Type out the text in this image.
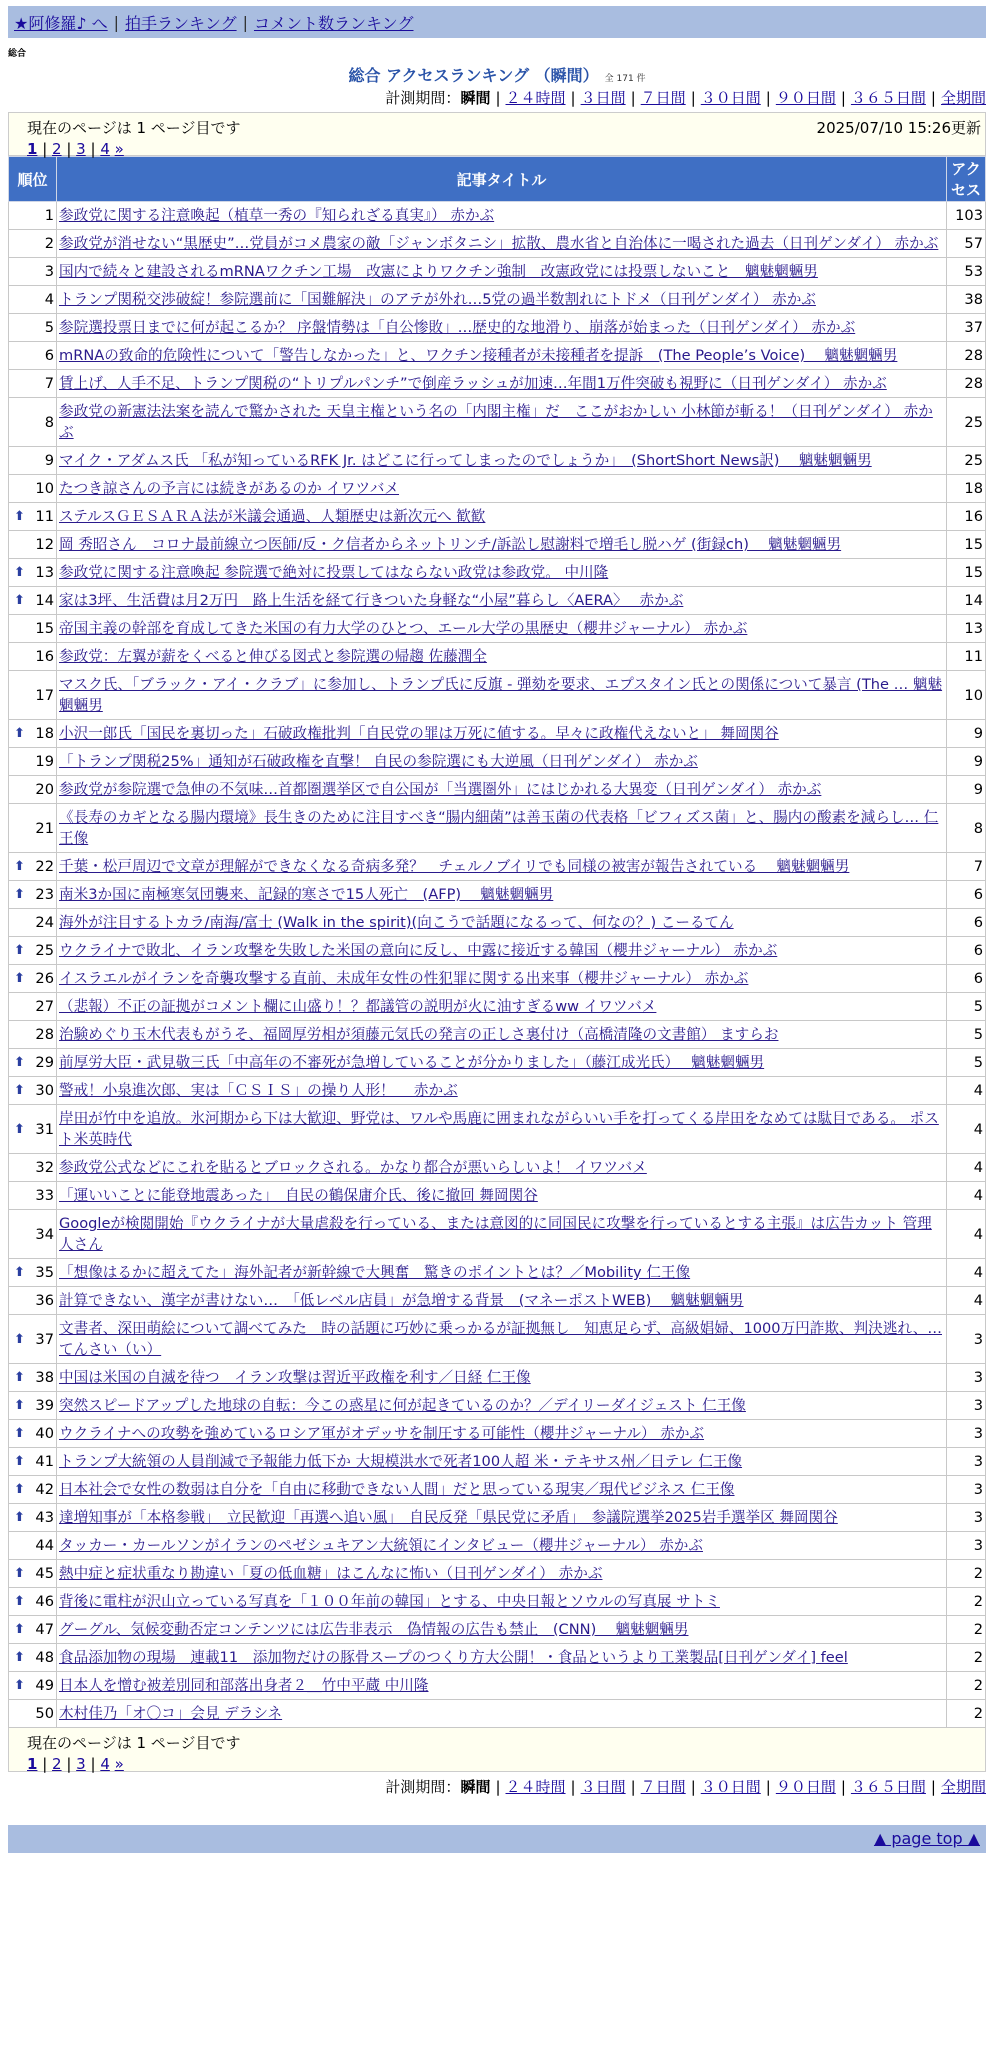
★阿修羅♪ へ | 拍手ランキング | コメント数ランキング
総合
総合 アクセスランキング （瞬間） 全 171 件
計測期間：瞬間 | ２４時間 | ３日間 | ７日間 | ３０日間 | ９０日間 | ３６５日間 | 全期間
現在のページは 1 ページ目です	2025/07/10 15:26更新
1 | 2 | 3 | 4 »
順位	記事タイトル	アクセス
1	参政党に関する注意喚起（植草一秀の『知られざる真実』） 赤かぶ	103
2	参政党が消せない“黒歴史”…党員がコメ農家の敵「ジャンボタニシ」拡散、農水省と自治体に一喝された過去（日刊ゲンダイ） 赤かぶ	57
3	国内で続々と建設されるmRNAワクチン工場　改憲によりワクチン強制　改憲政党には投票しないこと　魑魅魍魎男	53
4	トランプ関税交渉破綻！参院選前に「国難解決」のアテが外れ…5党の過半数割れにトドメ（日刊ゲンダイ） 赤かぶ	38
5	参院選投票日までに何が起こるか？ 序盤情勢は「自公惨敗」…歴史的な地滑り、崩落が始まった（日刊ゲンダイ） 赤かぶ	37
6	mRNAの致命的危険性について「警告しなかった」と、ワクチン接種者が未接種者を提訴　(The People’s Voice)　 魑魅魍魎男	28
7	賃上げ、人手不足、トランプ関税の“トリプルパンチ”で倒産ラッシュが加速…年間1万件突破も視野に（日刊ゲンダイ） 赤かぶ	28
8	参政党の新憲法法案を読んで驚かされた 天皇主権という名の「内閣主権」だ　ここがおかしい 小林節が斬る！（日刊ゲンダイ） 赤かぶ	25
9	マイク・アダムス氏 「私が知っているRFK Jr. はどこに行ってしまったのでしょうか」　(ShortShort News訳)　 魑魅魍魎男	25
10	たつき諒さんの予言には続きがあるのか イワツバメ	18

⬆ 11	ステルスＧＥＳＡＲＡ法が米議会通過、人類歴史は新次元へ 歓歓	16
12	岡 秀昭さん　コロナ最前線立つ医師/反・ク信者からネットリンチ/訴訟し慰謝料で増毛し脱ハゲ (街録ch)　 魑魅魍魎男	15

⬆ 13	参政党に関する注意喚起 参院選で絶対に投票してはならない政党は参政党。 中川隆	15

⬆ 14	家は3坪、生活費は月2万円　路上生活を経て行きついた身軽な“小屋”暮らし〈AERA〉　 赤かぶ	14
15	帝国主義の幹部を育成してきた米国の有力大学のひとつ、エール大学の黒歴史（櫻井ジャーナル） 赤かぶ	13
16	参政党：左翼が薪をくべると伸びる図式と参院選の帰趨 佐藤潤全	11
17	マスク氏、「ブラック・アイ・クラブ」に参加し、トランプ氏に反旗 - 弾劾を要求、エプスタイン氏との関係について暴言 (The … 魑魅魍魎男	10

⬆ 18	小沢一郎氏「国民を裏切った」石破政権批判「自民党の罪は万死に値する。早々に政権代えないと」 舞岡関谷	9
19	「トランプ関税25%」通知が石破政権を直撃！ 自民の参院選にも大逆風（日刊ゲンダイ） 赤かぶ	9
20	参政党が参院選で急伸の不気味…首都圏選挙区で自公国が「当選圏外」にはじかれる大異変（日刊ゲンダイ） 赤かぶ	9
21	《長寿のカギとなる腸内環境》長生きのために注目すべき“腸内細菌”は善玉菌の代表格「ビフィズス菌」と、腸内の酸素を減らし… 仁王像	8

⬆ 22	千葉・松戸周辺で文章が理解ができなくなる奇病多発？　チェルノブイリでも同様の被害が報告されている　 魑魅魍魎男	7

⬆ 23	南米3か国に南極寒気団襲来、記録的寒さで15人死亡　(AFP)　 魑魅魍魎男	6
24	海外が注目するトカラ/南海/富士 (Walk in the spirit)(向こうで話題になるって、何なの？) こーるてん	6

⬆ 25	ウクライナで敗北、イラン攻撃を失敗した米国の意向に反し、中露に接近する韓国（櫻井ジャーナル） 赤かぶ	6

⬆ 26	イスラエルがイランを奇襲攻撃する直前、未成年女性の性犯罪に関する出来事（櫻井ジャーナル） 赤かぶ	6
27	（悲報）不正の証拠がコメント欄に山盛り！？都議管の説明が火に油すぎるww イワツバメ	5
28	治験めぐり玉木代表もがうそ、福岡厚労相が須藤元気氏の発言の正しさ裏付け（高橋清隆の文書館） ますらお	5

⬆ 29	前厚労大臣・武見敬三氏「中高年の不審死が急増していることが分かりました」（藤江成光氏）　 魑魅魍魎男	5

⬆ 30	警戒！小泉進次郎、実は「ＣＳＩＳ」の操り人形！　 赤かぶ	4

⬆ 31	岸田が竹中を追放。氷河期から下は大歓迎、野党は、ワルや馬鹿に囲まれながらいい手を打ってくる岸田をなめては駄目である。 ポスト米英時代	4
32	参政党公式などにこれを貼るとブロックされる。かなり都合が悪いらしいよ！ イワツバメ	4
33	「運いいことに能登地震あった」　自民の鶴保庸介氏、後に撤回 舞岡関谷	4
34	Googleが検閲開始『ウクライナが大量虐殺を行っている、または意図的に同国民に攻撃を行っているとする主張』は広告カット 管理人さん	4

⬆ 35	「想像はるかに超えてた」海外記者が新幹線で大興奮　驚きのポイントとは？／Mobility 仁王像	4
36	計算できない、漢字が書けない…　「低レベル店員」が急増する背景　(マネーポストWEB)　 魑魅魍魎男	4

⬆ 37	文書者、深田萌絵について調べてみた　時の話題に巧妙に乗っかるが証拠無し　知恵足らず、高級娼婦、1000万円詐欺、判決逃れ、… てんさい（い）	3

⬆ 38	中国は米国の自滅を待つ　イラン攻撃は習近平政権を利す／日経 仁王像	3

⬆ 39	突然スピードアップした地球の自転：今この惑星に何が起きているのか？／デイリーダイジェスト 仁王像	3

⬆ 40	ウクライナへの攻勢を強めているロシア軍がオデッサを制圧する可能性（櫻井ジャーナル） 赤かぶ	3

⬆ 41	トランプ大統領の人員削減で予報能力低下か 大規模洪水で死者100人超 米・テキサス州／日テレ 仁王像	3

⬆ 42	日本社会で女性の数弱は自分を「自由に移動できない人間」だと思っている現実／現代ビジネス 仁王像	3

⬆ 43	達増知事が「本格参戦」　立民歓迎「再選へ追い風」　自民反発「県民党に矛盾」　参議院選挙2025岩手選挙区 舞岡関谷	3
44	タッカー・カールソンがイランのペゼシュキアン大統領にインタビュー（櫻井ジャーナル） 赤かぶ	3

⬆ 45	熱中症と症状重なり勘違い「夏の低血糖」はこんなに怖い（日刊ゲンダイ） 赤かぶ	2

⬆ 46	背後に電柱が沢山立っている写真を「１００年前の韓国」とする、中央日報とソウルの写真展 サトミ	2

⬆ 47	グーグル、気候変動否定コンテンツには広告非表示　偽情報の広告も禁止　(CNN)　 魑魅魍魎男	2

⬆ 48	食品添加物の現場　連載11　添加物だけの豚骨スープのつくり方大公開！・食品というより工業製品[日刊ゲンダイ] feel	2

⬆ 49	日本人を憎む被差別同和部落出身者２＿竹中平蔵 中川隆	2
50	木村佳乃「オ〇コ」会見 デラシネ	2
現在のページは 1 ページ目です
1 | 2 | 3 | 4 »
計測期間：瞬間 | ２４時間 | ３日間 | ７日間 | ３０日間 | ９０日間 | ３６５日間 | 全期間
▲ page top ▲
